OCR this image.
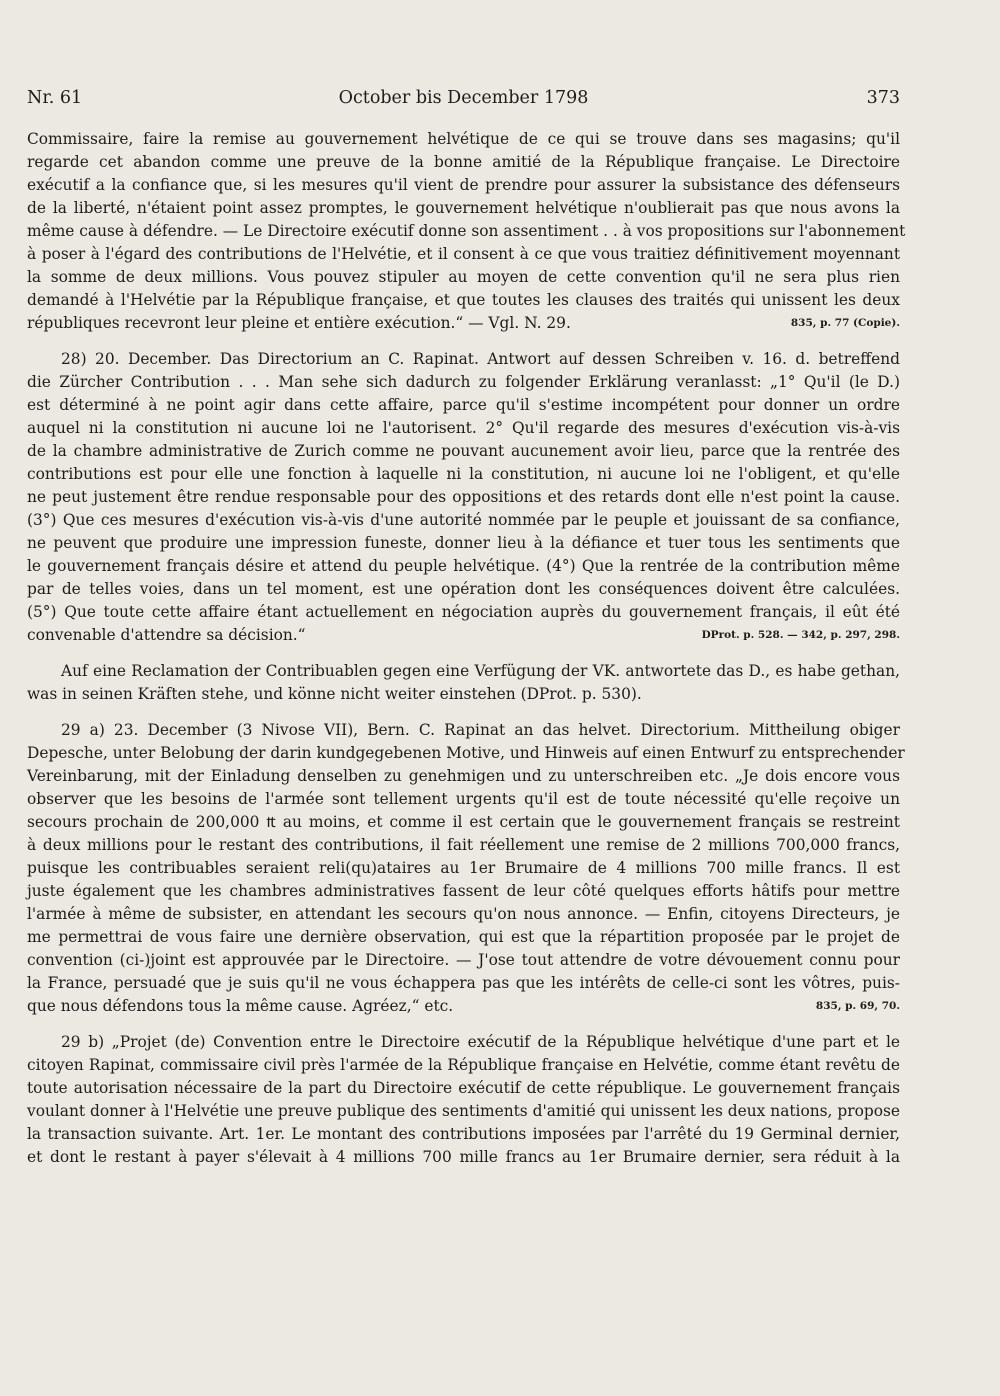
Nr. 61	October bis December 1798	373
Commissaire, faire la remise au gouvernement helvétique de ce qui se trouve dans ses magasins; qu'il
regarde cet abandon comme une preuve de la bonne amitié de la République française. Le Directoire
exécutif a la confiance que, si les mesures qu'il vient de prendre pour assurer la subsistance des défenseurs
de la liberté, n'étaient point assez promptes, le gouvernement helvétique n'oublierait pas que nous avons la
même cause à défendre. — Le Directoire exécutif donne son assentiment . . à vos propositions sur l'abonnement
à poser à l'égard des contributions de l'Helvétie, et il consent à ce que vous traitiez définitivement moyennant
la somme de deux millions. Vous pouvez stipuler au moyen de cette convention qu'il ne sera plus rien
demandé à l'Helvétie par la République française, et que toutes les clauses des traités qui unissent les deux
835, p. 77 (Copie).
républiques recevront leur pleine et entière exécution.“ — Vgl. N. 29.
28) 20. December. Das Directorium an C. Rapinat. Antwort auf dessen Schreiben v. 16. d. betreffend
die Zürcher Contribution . . . Man sehe sich dadurch zu folgender Erklärung veranlasst: „1° Qu'il (le D.)
est déterminé à ne point agir dans cette affaire, parce qu'il s'estime incompétent pour donner un ordre
auquel ni la constitution ni aucune loi ne l'autorisent. 2° Qu'il regarde des mesures d'exécution vis-à-vis
de la chambre administrative de Zurich comme ne pouvant aucunement avoir lieu, parce que la rentrée des
contributions est pour elle une fonction à laquelle ni la constitution, ni aucune loi ne l'obligent, et qu'elle
ne peut justement être rendue responsable pour des oppositions et des retards dont elle n'est point la cause.
(3°) Que ces mesures d'exécution vis-à-vis d'une autorité nommée par le peuple et jouissant de sa confiance,
ne peuvent que produire une impression funeste, donner lieu à la défiance et tuer tous les sentiments que
le gouvernement français désire et attend du peuple helvétique. (4°) Que la rentrée de la contribution même
par de telles voies, dans un tel moment, est une opération dont les conséquences doivent être calculées.
(5°) Que toute cette affaire étant actuellement en négociation auprès du gouvernement français, il eût été
DProt. p. 528. — 342, p. 297, 298.
convenable d'attendre sa décision.“
Auf eine Reclamation der Contribuablen gegen eine Verfügung der VK. antwortete das D., es habe gethan,
was in seinen Kräften stehe, und könne nicht weiter einstehen (DProt. p. 530).
29 a) 23. December (3 Nivose VII), Bern. C. Rapinat an das helvet. Directorium. Mittheilung obiger
Depesche, unter Belobung der darin kundgegebenen Motive, und Hinweis auf einen Entwurf zu entsprechender
Vereinbarung, mit der Einladung denselben zu genehmigen und zu unterschreiben etc. „Je dois encore vous
observer que les besoins de l'armée sont tellement urgents qu'il est de toute nécessité qu'elle reçoive un
secours prochain de 200,000 ₶ au moins, et comme il est certain que le gouvernement français se restreint
à deux millions pour le restant des contributions, il fait réellement une remise de 2 millions 700,000 francs,
puisque les contribuables seraient reli(qu)ataires au 1er Brumaire de 4 millions 700 mille francs. Il est
juste également que les chambres administratives fassent de leur côté quelques efforts hâtifs pour mettre
l'armée à même de subsister, en attendant les secours qu'on nous annonce. — Enfin, citoyens Directeurs, je
me permettrai de vous faire une dernière observation, qui est que la répartition proposée par le projet de
convention (ci-)joint est approuvée par le Directoire. — J'ose tout attendre de votre dévouement connu pour
la France, persuadé que je suis qu'il ne vous échappera pas que les intérêts de celle-ci sont les vôtres, puis-
835, p. 69, 70.
que nous défendons tous la même cause. Agréez,“ etc.
29 b) „Projet (de) Convention entre le Directoire exécutif de la République helvétique d'une part et le
citoyen Rapinat, commissaire civil près l'armée de la République française en Helvétie, comme étant revêtu de
toute autorisation nécessaire de la part du Directoire exécutif de cette république. Le gouvernement français
voulant donner à l'Helvétie une preuve publique des sentiments d'amitié qui unissent les deux nations, propose
la transaction suivante. Art. 1er. Le montant des contributions imposées par l'arrêté du 19 Germinal dernier,
et dont le restant à payer s'élevait à 4 millions 700 mille francs au 1er Brumaire dernier, sera réduit à la
